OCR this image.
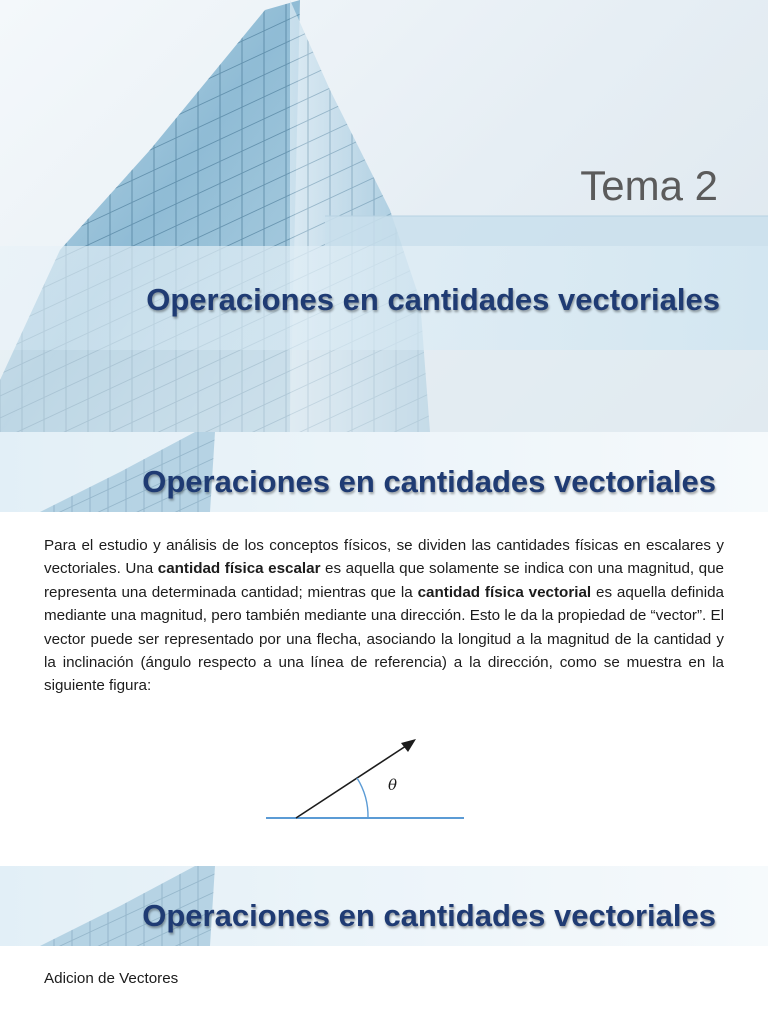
Tema 2
Operaciones en cantidades vectoriales
Operaciones en cantidades vectoriales

Para el estudio y análisis de los conceptos físicos, se dividen las cantidades físicas en escalares y vectoriales. Una cantidad física escalar es aquella que solamente se indica con una magnitud, que representa una determinada cantidad; mientras que la cantidad física vectorial es aquella definida mediante una magnitud, pero también mediante una dirección. Esto le da la propiedad de “vector”. El vector puede ser representado por una flecha, asociando la longitud a la magnitud de la cantidad y la inclinación (ángulo respecto a una línea de referencia) a la dirección, como se muestra en la siguiente figura:

θ
Operaciones en cantidades vectoriales
Adicion de Vectores
